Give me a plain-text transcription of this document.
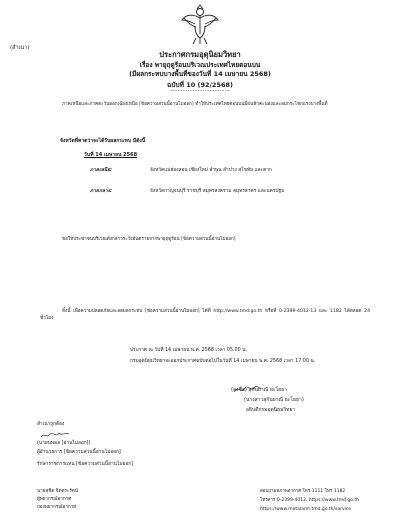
(สำเนา)
ประกาศกรมอุตุนิยมวิทยา
เรื่อง พายุฤดูร้อนบริเวณประเทศไทยตอนบน
(มีผลกระทบบางพื้นที่ของวันที่ 14 เมษายน 2568)
ฉบับที่ 10 (92/2568)
------------------------

ภาคเหนือและภาคตะวันออกเฉียงเหนือ [ข้อความส่วนนี้อ่านไม่ออก] ทำให้ประเทศไทยตอนบนมีฝนฟ้าคะนองและลมกระโชกแรงบางพื้นที่

จังหวัดที่คาดว่าจะได้รับผลกระทบ มีดังนี้
วันที่ 14 เมษายน 2568
ภาคเหนือ:	จังหวัดแม่ฮ่องสอน เชียงใหม่ ลำพูน ลำปาง สุโขทัย และตาก
ภาคกลาง:	จังหวัดกาญจนบุรี ราชบุรี สมุทรสงคราม สมุทรสาคร และนครปฐม

ขอให้ประชาชนบริเวณดังกล่าวระวังอันตรายจากพายุฤดูร้อน [ข้อความส่วนนี้อ่านไม่ออก]

ทั้งนี้ เพื่อความปลอดภัยและลดผลกระทบ [ข้อความส่วนนี้อ่านไม่ออก] ได้ที่ http://www.tmd.go.th หรือที่ 0-2399-4012-13 และ 1182 ได้ตลอด 24 ชั่วโมง

ประกาศ ณ วันที่ 14 เมษายน พ.ศ. 2568 เวลา 05.00 น.
กรมอุตุนิยมวิทยาจะออกประกาศฉบับต่อไปในวันที่ 14 เมษายน พ.ศ. 2568 เวลา 17.00 น.
(ลงชื่อ) สุกันยาณี ยะโยธา
(นางสาวสุกันยาณี ยะโยธา)
อธิบดีกรมอุตุนิยมวิทยา
สำเนาถูกต้อง
(นายนพดล [อ่านไม่ออก])
ผู้อำนวยการ [ข้อความส่วนนี้อ่านไม่ออก]
รักษาราชการแทน [ข้อความส่วนนี้อ่านไม่ออก]
นายสุชิต จิตตระรัตน์
ผู้พยากรณ์อากาศ
กองพยากรณ์อากาศ
สอบถามสภาพอากาศ โทร 1111 โทร 1182
โทรสาร 0-2399-4012, https://www.tmd.go.th
https://www.metalarm.tmd.go.th/service
